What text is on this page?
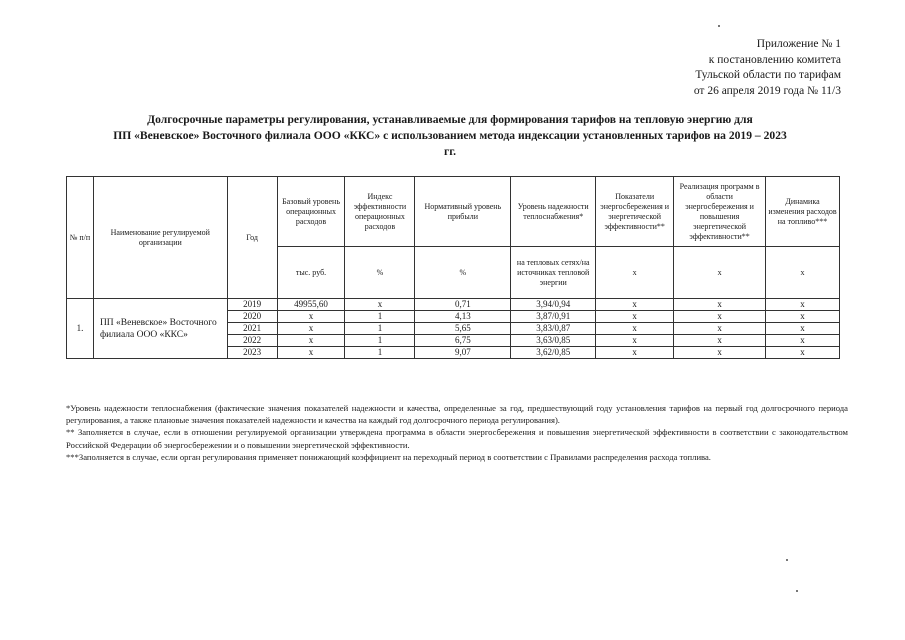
Приложение № 1
к постановлению комитета
Тульской области по тарифам
от 26 апреля 2019 года № 11/3
Долгосрочные параметры регулирования, устанавливаемые для формирования тарифов на тепловую энергию для
ПП «Веневское» Восточного филиала ООО «ККС» с использованием метода индексации установленных тарифов на 2019 – 2023
гг.
№ п/п	Наименование регулируемой организации	Год	Базовый уровень операционных расходов	Индекс эффективности операционных расходов	Нормативный уровень прибыли	Уровень надежности теплоснабжения*	Показатели энергосбережения и энергетической эффективности**	Реализация программ в области энергосбережения и повышения энергетической эффективности**	Динамика изменения расходов на топливо***
			тыс. руб.	%	%	на тепловых сетях/на источниках тепловой энергии	x	x	x
1.	ПП «Веневское» Восточного филиала ООО «ККС»	2019	49955,60	x	0,71	3,94/0,94	x	x	x
		2020	x	1	4,13	3,87/0,91	x	x	x
		2021	x	1	5,65	3,83/0,87	x	x	x
		2022	x	1	6,75	3,63/0,85	x	x	x
		2023	x	1	9,07	3,62/0,85	x	x	x

*Уровень надежности теплоснабжения (фактические значения показателей надежности и качества, определенные за год, предшествующий году установления тарифов на первый год долгосрочного периода регулирования, а также плановые значения показателей надежности и качества на каждый год долгосрочного периода регулирования).

** Заполняется в случае, если в отношении регулируемой организации утверждена программа в области энергосбережения и повышения энергетической эффективности в соответствии с законодательством Российской Федерации об энергосбережении и о повышении энергетической эффективности.

***Заполняется в случае, если орган регулирования применяет понижающий коэффициент на переходный период в соответствии с Правилами распределения расхода топлива.
